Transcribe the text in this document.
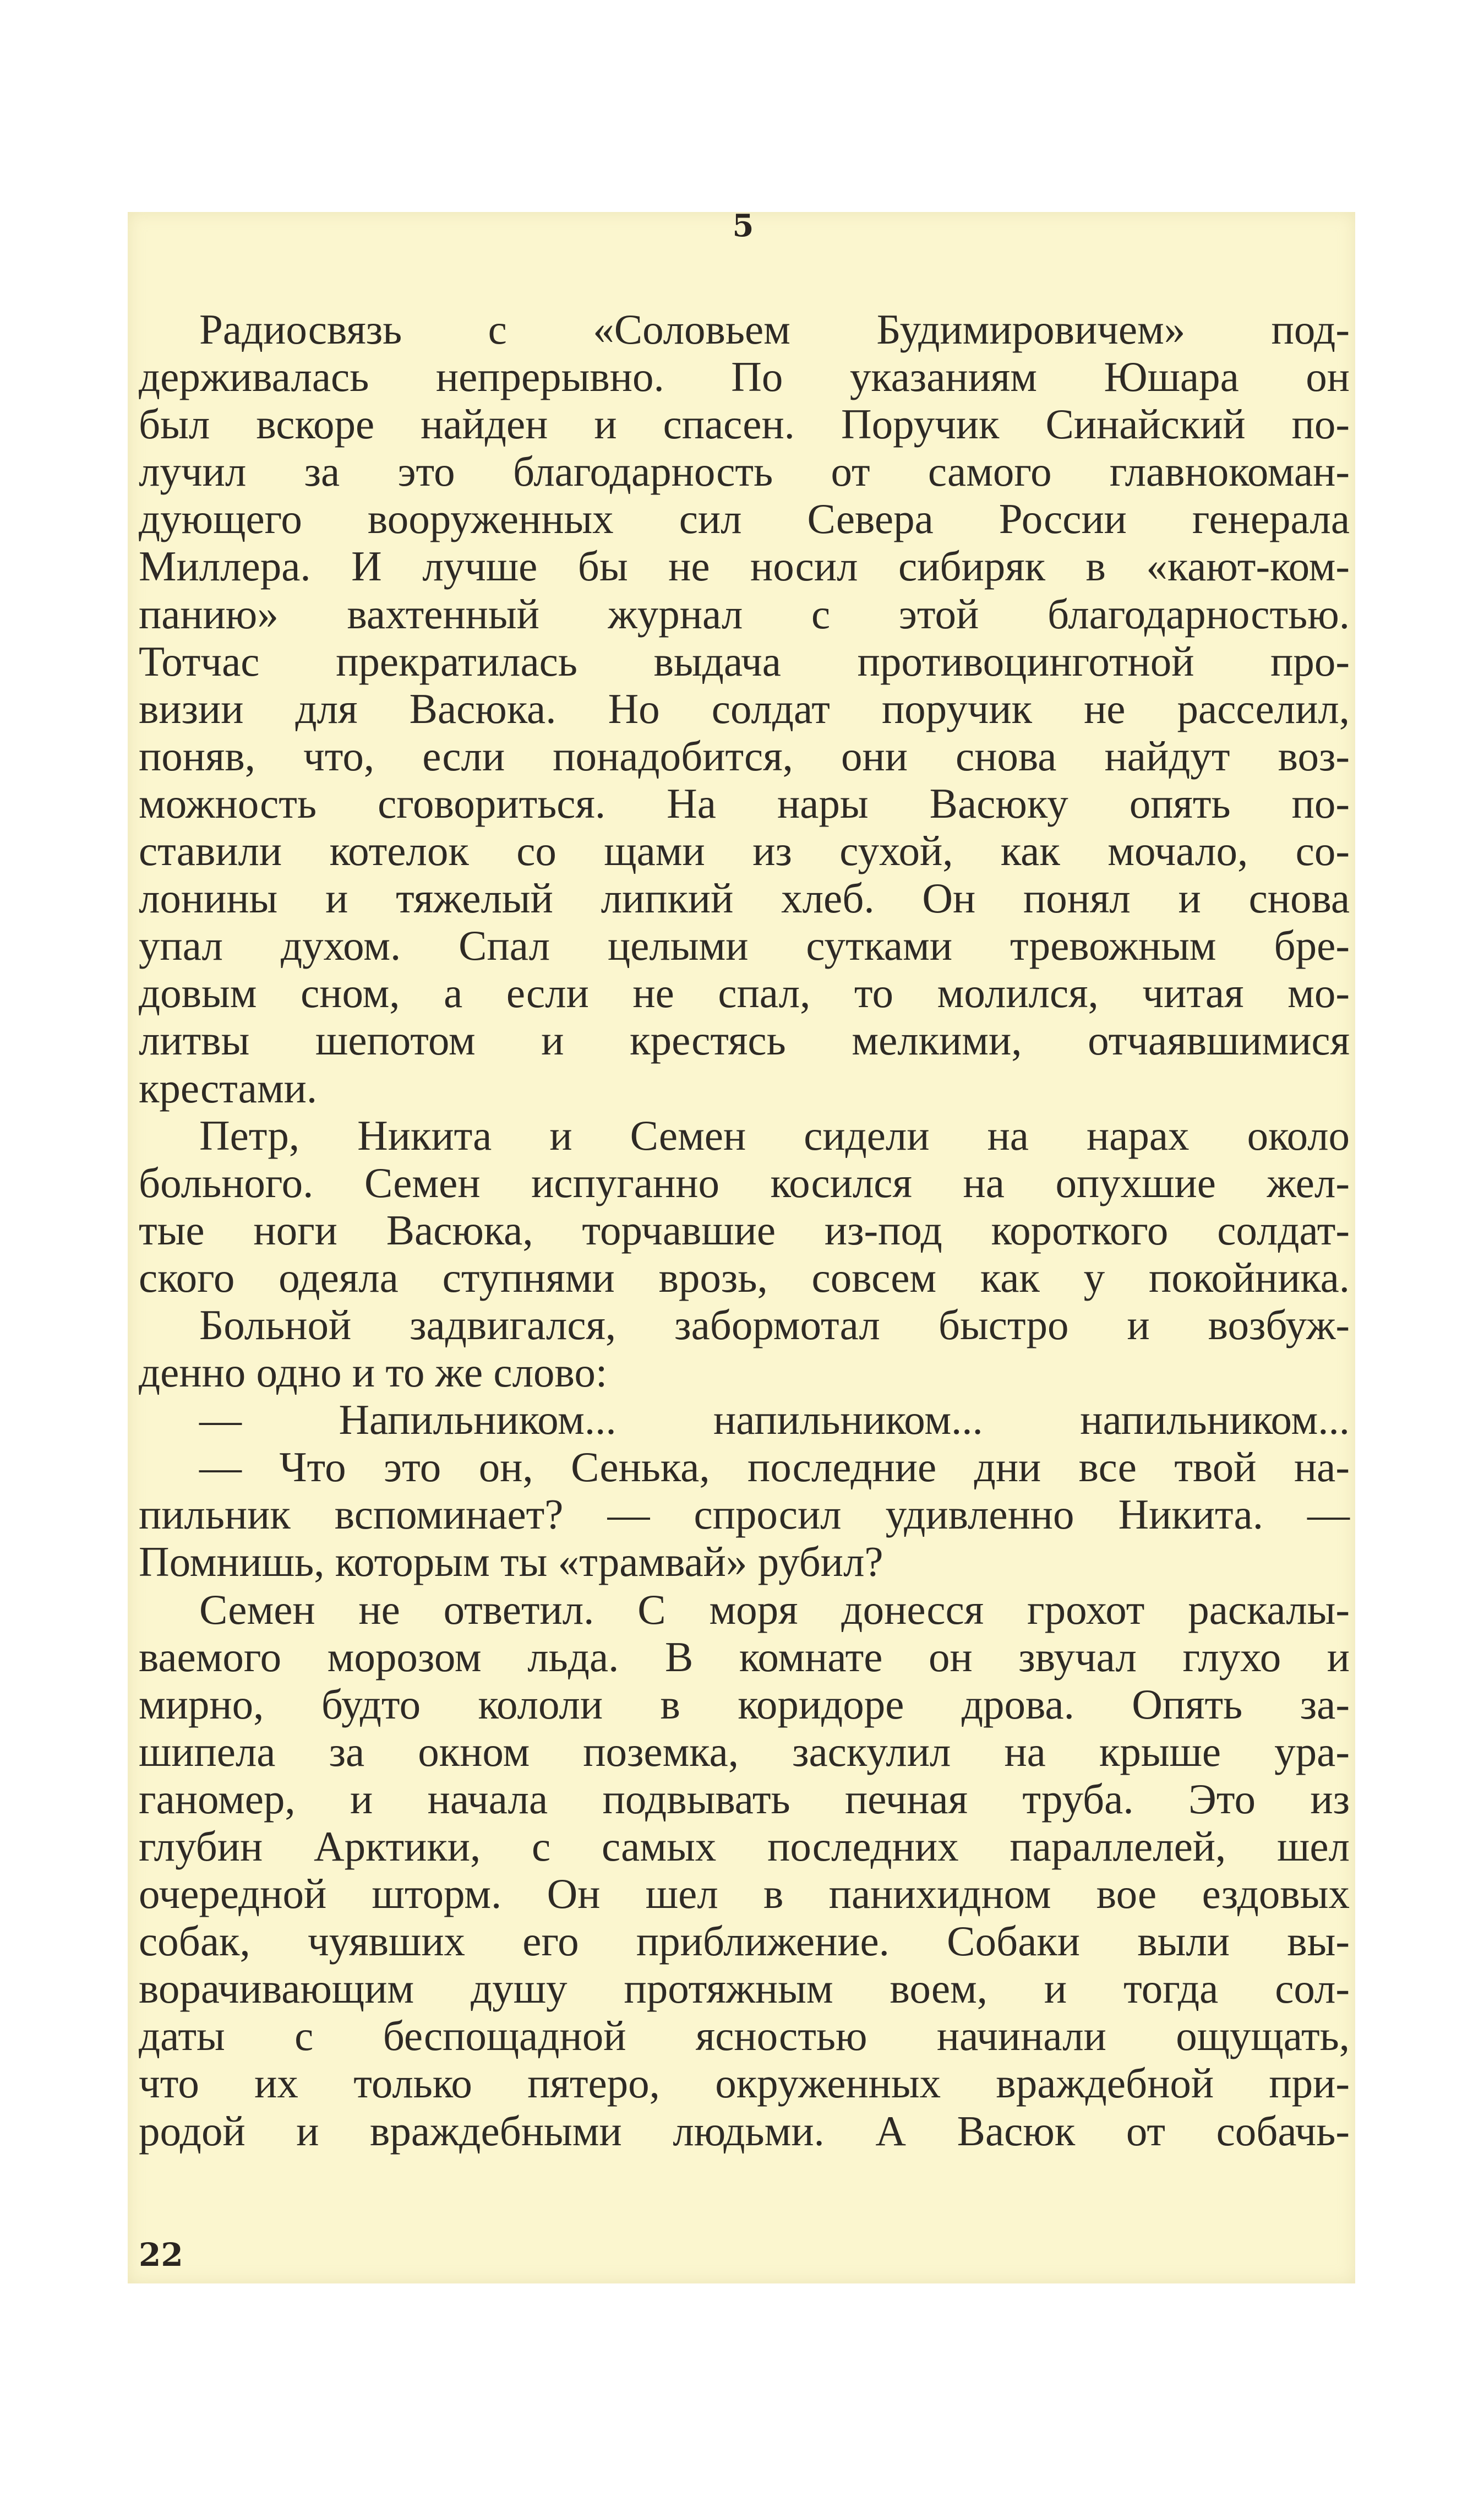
5
Радиосвязь с «Соловьем Будимировичем» под-
держивалась непрерывно. По указаниям Юшара он
был вскоре найден и спасен. Поручик Синайский по-
лучил за это благодарность от самого главнокоман-
дующего вооруженных сил Севера России генерала
Миллера. И лучше бы не носил сибиряк в «кают-ком-
панию» вахтенный журнал с этой благодарностью.
Тотчас прекратилась выдача противоцинготной про-
визии для Васюка. Но солдат поручик не расселил,
поняв, что, если понадобится, они снова найдут воз-
можность сговориться. На нары Васюку опять по-
ставили котелок со щами из сухой, как мочало, со-
лонины и тяжелый липкий хлеб. Он понял и снова
упал духом. Спал целыми сутками тревожным бре-
довым сном, а если не спал, то молился, читая мо-
литвы шепотом и крестясь мелкими, отчаявшимися
крестами.
Петр, Никита и Семен сидели на нарах около
больного. Семен испуганно косился на опухшие жел-
тые ноги Васюка, торчавшие из-под короткого солдат-
ского одеяла ступнями врозь, совсем как у покойника.
Больной задвигался, забормотал быстро и возбуж-
денно одно и то же слово:
— Напильником... напильником... напильником...
— Что это он, Сенька, последние дни все твой на-
пильник вспоминает? — спросил удивленно Никита. —
Помнишь, которым ты «трамвай» рубил?
Семен не ответил. С моря донесся грохот раскалы-
ваемого морозом льда. В комнате он звучал глухо и
мирно, будто кололи в коридоре дрова. Опять за-
шипела за окном поземка, заскулил на крыше ура-
ганомер, и начала подвывать печная труба. Это из
глубин Арктики, с самых последних параллелей, шел
очередной шторм. Он шел в панихидном вое ездовых
собак, чуявших его приближение. Собаки выли вы-
ворачивающим душу протяжным воем, и тогда сол-
даты с беспощадной ясностью начинали ощущать,
что их только пятеро, окруженных враждебной при-
родой и враждебными людьми. А Васюк от собачь-
22
